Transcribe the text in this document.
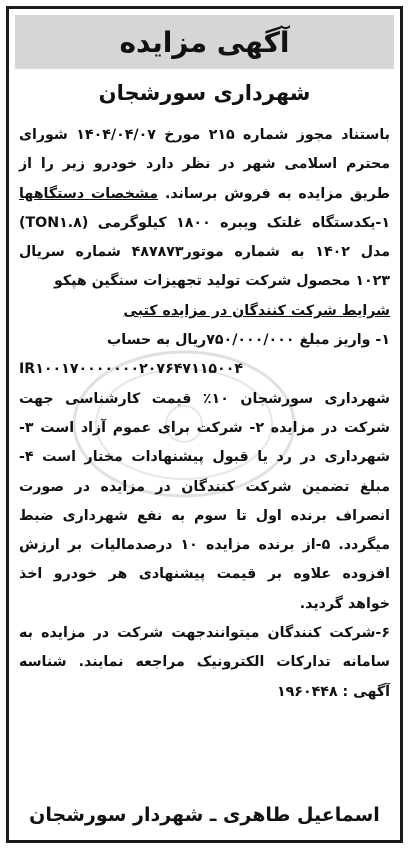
آگهی مزایده
شهرداری سورشجان

باستناد مجوز شماره ۲۱۵ مورخ ۱۴۰۴/۰۴/۰۷ شورای محترم اسلامی شهر در نظر دارد خودرو زیر را از طریق مزایده به فروش برساند. مشخصات دستگاهها ۱-یکدستگاه غلتک ویبره ۱۸۰۰ کیلوگرمی (TON۱.۸) مدل ۱۴۰۲ به شماره موتور۴۸۷۸۷۳ شماره سریال ۱۰۲۳ محصول شرکت تولید تجهیزات سنگین هپکو

شرایط شرکت کنندگان در مزایده کتبی

۱- واریز مبلغ ۷۵۰/۰۰۰/۰۰۰ریال به حساب
IR۱۰۰۱۷۰۰۰۰۰۰۰۲۰۷۶۴۷۱۱۵۰۰۴
شهرداری سورشجان ۱۰٪ قیمت کارشناسی جهت شرکت در مزایده ۲- شرکت برای عموم آزاد است ۳-شهرداری در رد یا قبول پیشنهادات مختار است ۴-مبلغ تضمین شرکت کنندگان در مزایده در صورت انصراف برنده اول تا سوم به نفع شهرداری ضبط میگردد. ۵-از برنده مزایده ۱۰ درصدمالیات بر ارزش افزوده علاوه بر قیمت پیشنهادی هر خودرو اخذ خواهد گردید.

۶-شرکت کنندگان میتوانندجهت شرکت در مزایده به سامانه تدارکات الکترونیک مراجعه نمایند. شناسه آگهی : ۱۹۶۰۴۴۸

اسماعیل طاهری ـ شهردار سورشجان
